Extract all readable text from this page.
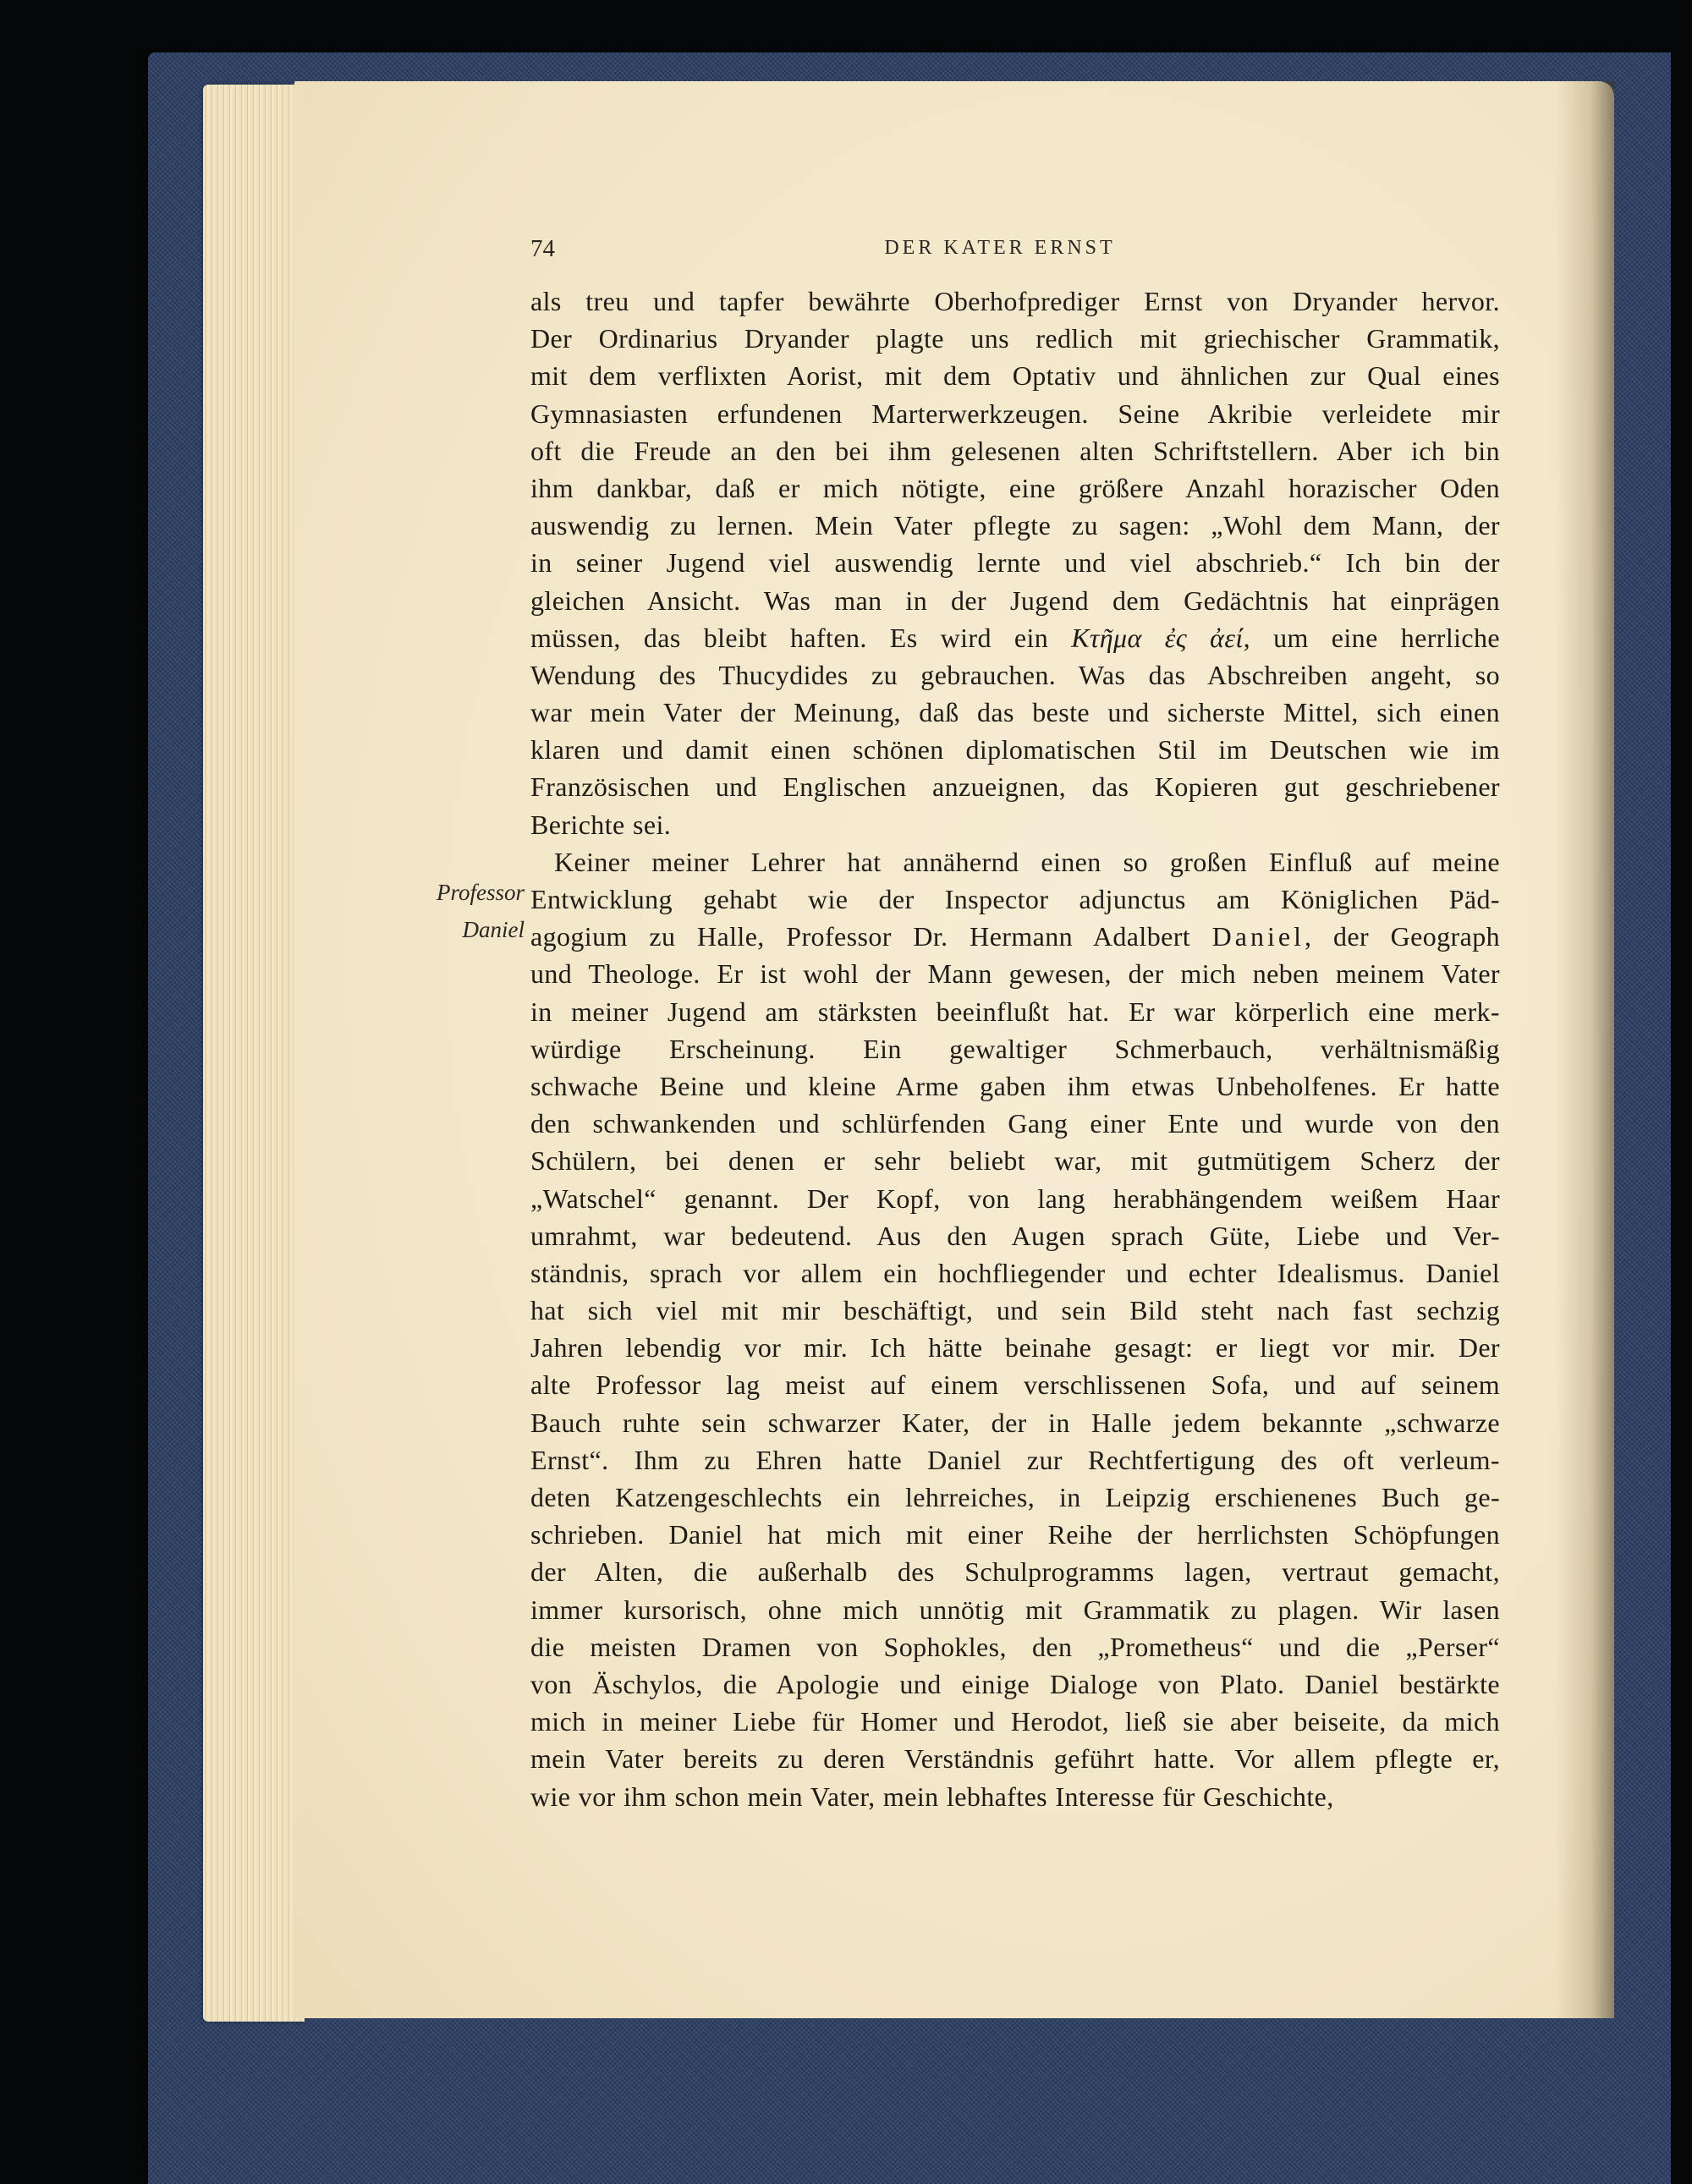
74	DER KATER ERNST
Professor
Daniel
als treu und tapfer bewährte Oberhofprediger Ernst von Dryander hervor.
Der Ordinarius Dryander plagte uns redlich mit griechischer Grammatik,
mit dem verflixten Aorist, mit dem Optativ und ähnlichen zur Qual eines
Gymnasiasten erfundenen Marterwerkzeugen. Seine Akribie verleidete mir
oft die Freude an den bei ihm gelesenen alten Schriftstellern. Aber ich bin
ihm dankbar, daß er mich nötigte, eine größere Anzahl horazischer Oden
auswendig zu lernen. Mein Vater pflegte zu sagen: „Wohl dem Mann, der
in seiner Jugend viel auswendig lernte und viel abschrieb.“ Ich bin der
gleichen Ansicht. Was man in der Jugend dem Gedächtnis hat einprägen
müssen, das bleibt haften. Es wird ein Κτῆμα ἐς ἀεί, um eine herrliche
Wendung des Thucydides zu gebrauchen. Was das Abschreiben angeht, so
war mein Vater der Meinung, daß das beste und sicherste Mittel, sich einen
klaren und damit einen schönen diplomatischen Stil im Deutschen wie im
Französischen und Englischen anzueignen, das Kopieren gut geschriebener
Berichte sei.
Keiner meiner Lehrer hat annähernd einen so großen Einfluß auf meine
Entwicklung gehabt wie der Inspector adjunctus am Königlichen Päd-
agogium zu Halle, Professor Dr. Hermann Adalbert Daniel, der Geograph
und Theologe. Er ist wohl der Mann gewesen, der mich neben meinem Vater
in meiner Jugend am stärksten beeinflußt hat. Er war körperlich eine merk-
würdige Erscheinung. Ein gewaltiger Schmerbauch, verhältnismäßig
schwache Beine und kleine Arme gaben ihm etwas Unbeholfenes. Er hatte
den schwankenden und schlürfenden Gang einer Ente und wurde von den
Schülern, bei denen er sehr beliebt war, mit gutmütigem Scherz der
„Watschel“ genannt. Der Kopf, von lang herabhängendem weißem Haar
umrahmt, war bedeutend. Aus den Augen sprach Güte, Liebe und Ver-
ständnis, sprach vor allem ein hochfliegender und echter Idealismus. Daniel
hat sich viel mit mir beschäftigt, und sein Bild steht nach fast sechzig
Jahren lebendig vor mir. Ich hätte beinahe gesagt: er liegt vor mir. Der
alte Professor lag meist auf einem verschlissenen Sofa, und auf seinem
Bauch ruhte sein schwarzer Kater, der in Halle jedem bekannte „schwarze
Ernst“. Ihm zu Ehren hatte Daniel zur Rechtfertigung des oft verleum-
deten Katzengeschlechts ein lehrreiches, in Leipzig erschienenes Buch ge-
schrieben. Daniel hat mich mit einer Reihe der herrlichsten Schöpfungen
der Alten, die außerhalb des Schulprogramms lagen, vertraut gemacht,
immer kursorisch, ohne mich unnötig mit Grammatik zu plagen. Wir lasen
die meisten Dramen von Sophokles, den „Prometheus“ und die „Perser“
von Äschylos, die Apologie und einige Dialoge von Plato. Daniel bestärkte
mich in meiner Liebe für Homer und Herodot, ließ sie aber beiseite, da mich
mein Vater bereits zu deren Verständnis geführt hatte. Vor allem pflegte er,
wie vor ihm schon mein Vater, mein lebhaftes Interesse für Geschichte,
